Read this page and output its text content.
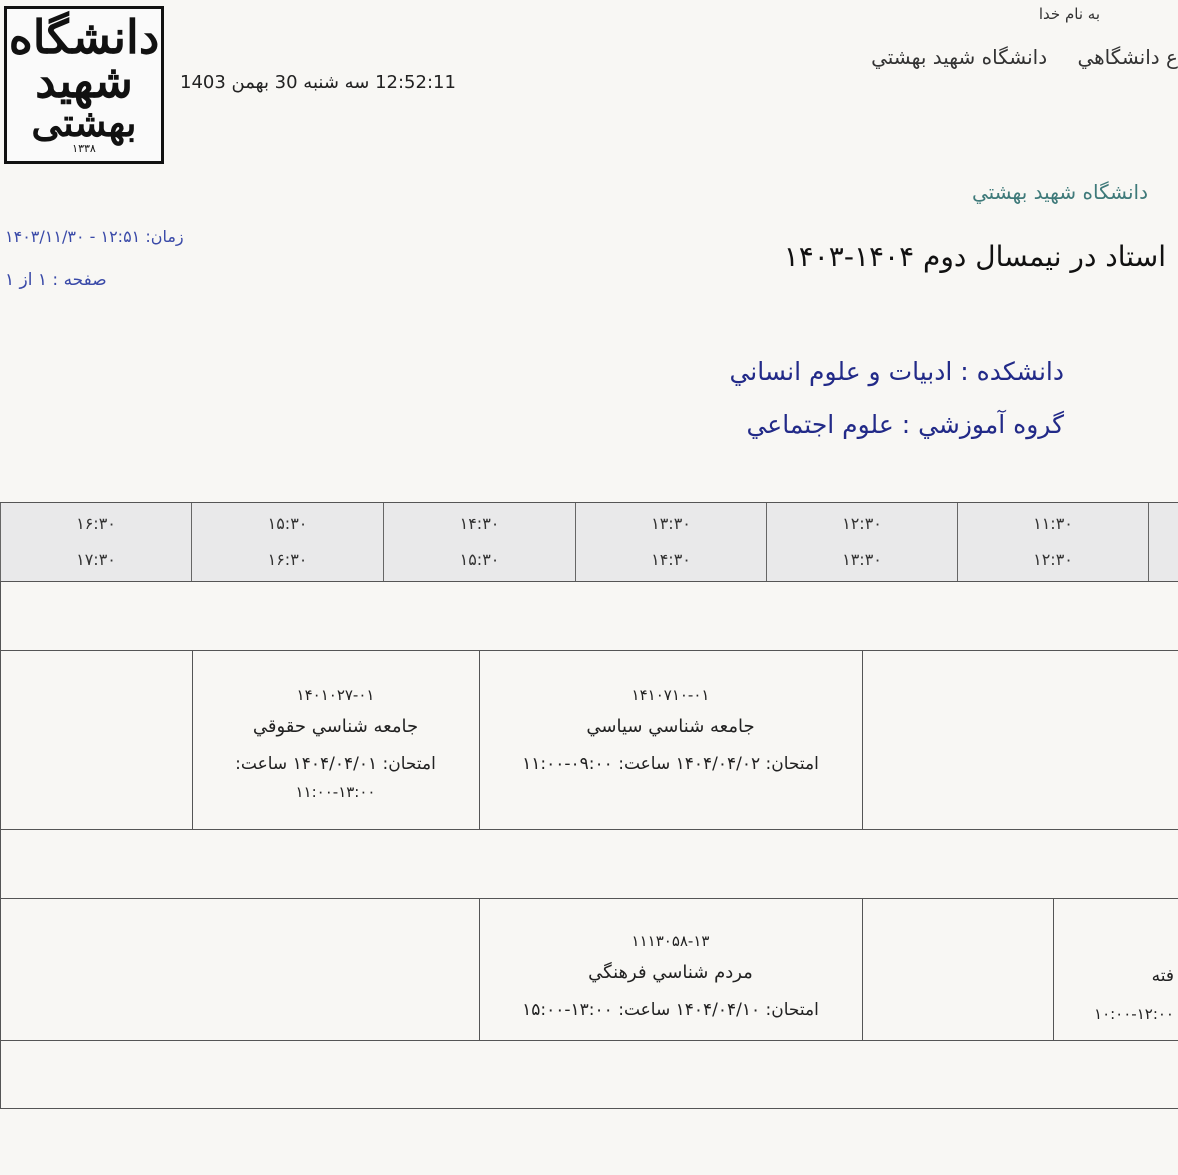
دانشگاه
شهید
بهشتی
۱۳۳۸
12:52:11 سه شنبه 30 بهمن 1403
به نام خدا
ع دانشگاهي دانشگاه شهيد بهشتي
دانشگاه شهيد بهشتي
زمان: ۱۲:۵۱ - ۱۴۰۳/۱۱/۳۰
صفحه : ۱ از ۱
استاد در نيمسال دوم ۱۴۰۴-۱۴۰۳
دانشکده : ادبيات و علوم انساني
گروه آموزشي : علوم اجتماعي
۱۶:۳۰
۱۷:۳۰
۱۵:۳۰
۱۶:۳۰
۱۴:۳۰
۱۵:۳۰
۱۳:۳۰
۱۴:۳۰
۱۲:۳۰
۱۳:۳۰
۱۱:۳۰
۱۲:۳۰
۱۴۰۱۰۲۷-۰۱
جامعه شناسي حقوقي
امتحان: ۱۴۰۴/۰۴/۰۱ ساعت:
۱۱:۰۰-۱۳:۰۰
۱۴۱۰۷۱۰-۰۱
جامعه شناسي سياسي
امتحان: ۱۴۰۴/۰۴/۰۲ ساعت: ۰۹:۰۰-۱۱:۰۰
۱۱۱۳۰۵۸-۱۳
مردم شناسي فرهنگي
امتحان: ۱۴۰۴/۰۴/۱۰ ساعت: ۱۳:۰۰-۱۵:۰۰
فته
۱۰:۰۰-۱۲:۰۰
